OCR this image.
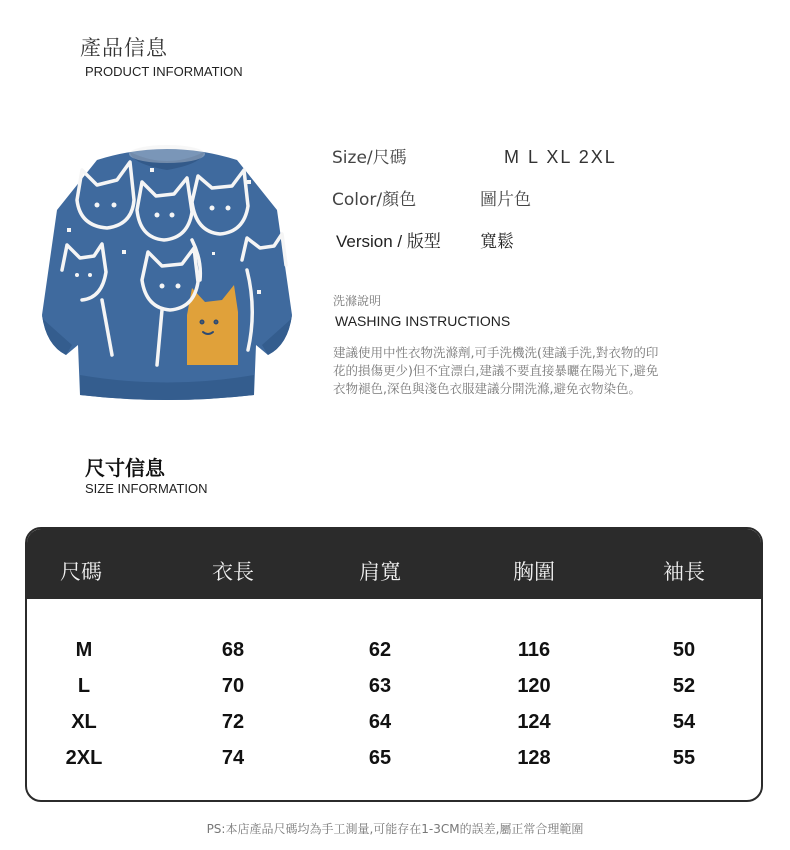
產品信息
PRODUCT INFORMATION
Size/尺碼	M L XL 2XL
Color/顏色	圖片色
Version / 版型 寬鬆
洗滌說明
WASHING INSTRUCTIONS
建議使用中性衣物洗滌劑,可手洗機洗(建議手洗,對衣物的印
花的損傷更少)但不宜漂白,建議不要直接暴曬在陽光下,避免
衣物褪色,深色與淺色衣服建議分開洗滌,避免衣物染色。
尺寸信息
SIZE INFORMATION
尺碼	衣長	肩寬	胸圍	袖長
M	68	62	116	50
L	70	63	120	52
XL	72	64	124	54
2XL	74	65	128	55
PS:本店產品尺碼均為手工測量,可能存在1-3CM的誤差,屬正常合理範圍
